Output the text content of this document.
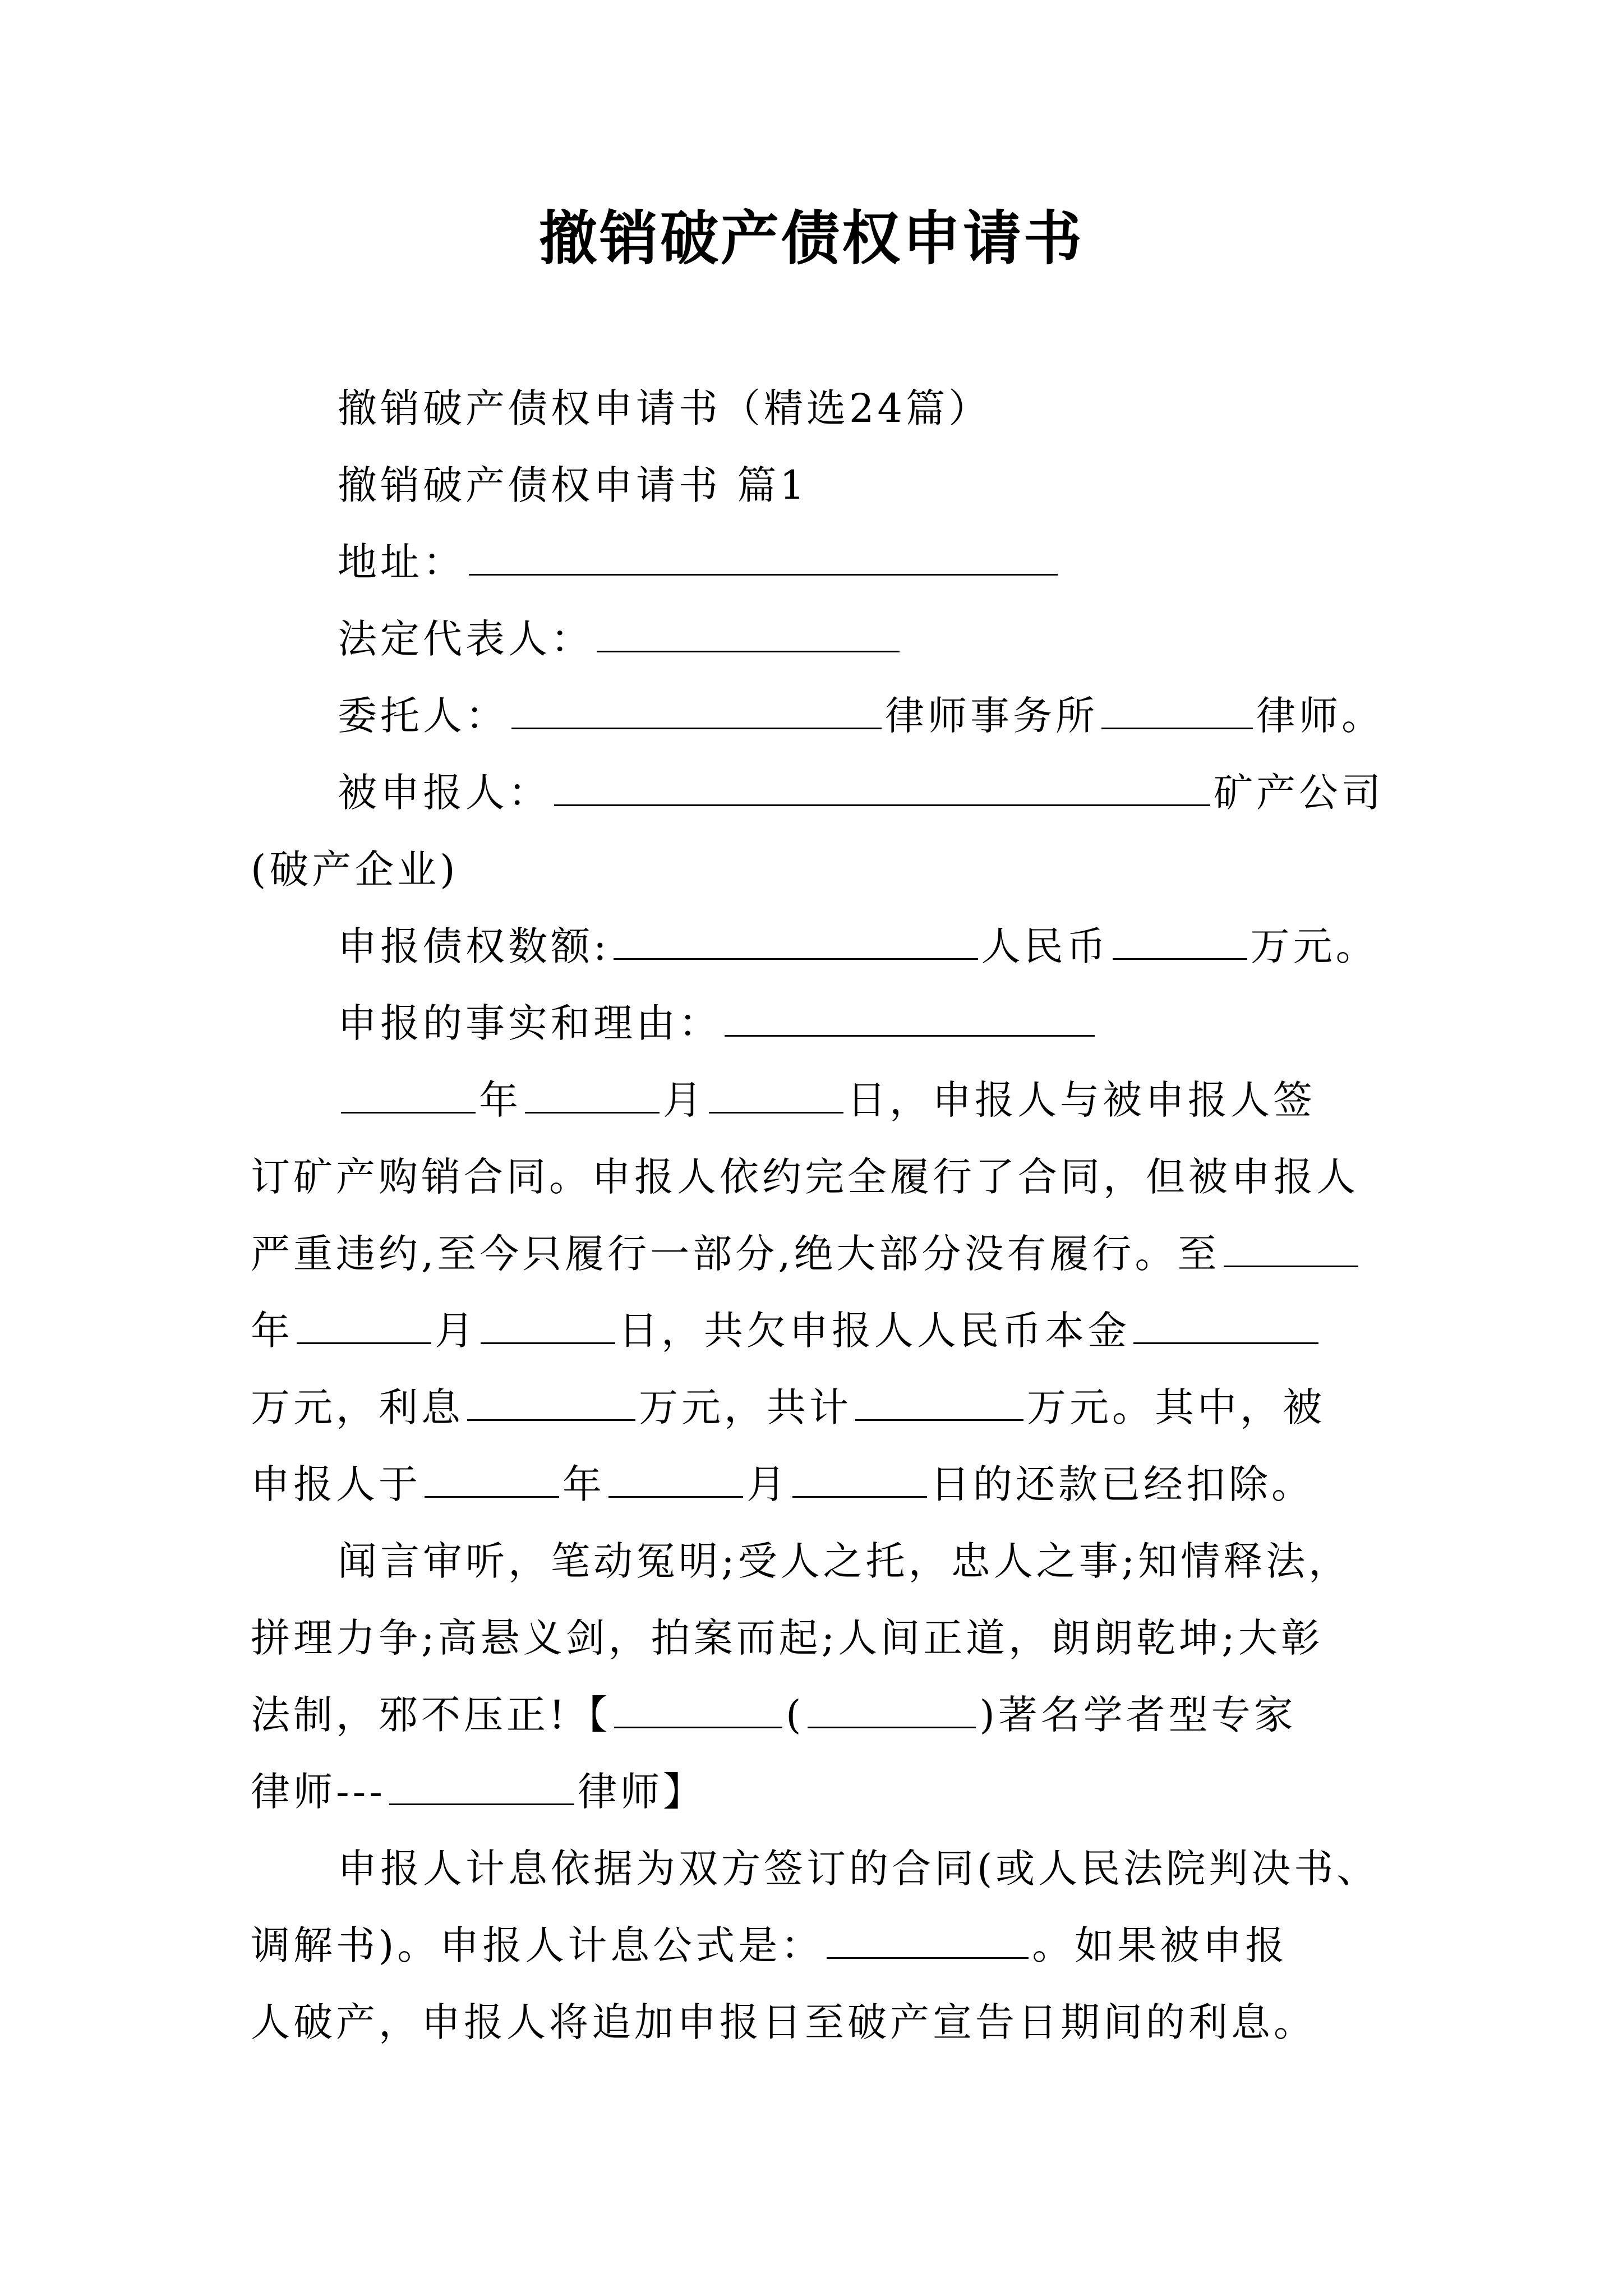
撤销破产债权申请书

撤销破产债权申请书（精选24篇）

撤销破产债权申请书 篇1

地址：

法定代表人：

委托人：	律师事务所	律师。

被申报人：	矿产公司

(破产企业)

申报债权数额:	人民币	万元。

申报的事实和理由：

年	月	日，申报人与被申报人签

订矿产购销合同。申报人依约完全履行了合同，但被申报人

严重违约,至今只履行一部分,绝大部分没有履行。至

年	月	日，共欠申报人人民币本金

万元，利息	万元，共计	万元。其中，被

申报人于	年	月	日的还款已经扣除。

闻言审听，笔动冤明;受人之托，忠人之事;知情释法，

拼理力争;高悬义剑，拍案而起;人间正道，朗朗乾坤;大彰

法制，邪不压正!【	(	)著名学者型专家

律师---	律师】

申报人计息依据为双方签订的合同(或人民法院判决书、

调解书)。申报人计息公式是：	。如果被申报

人破产，申报人将追加申报日至破产宣告日期间的利息。
